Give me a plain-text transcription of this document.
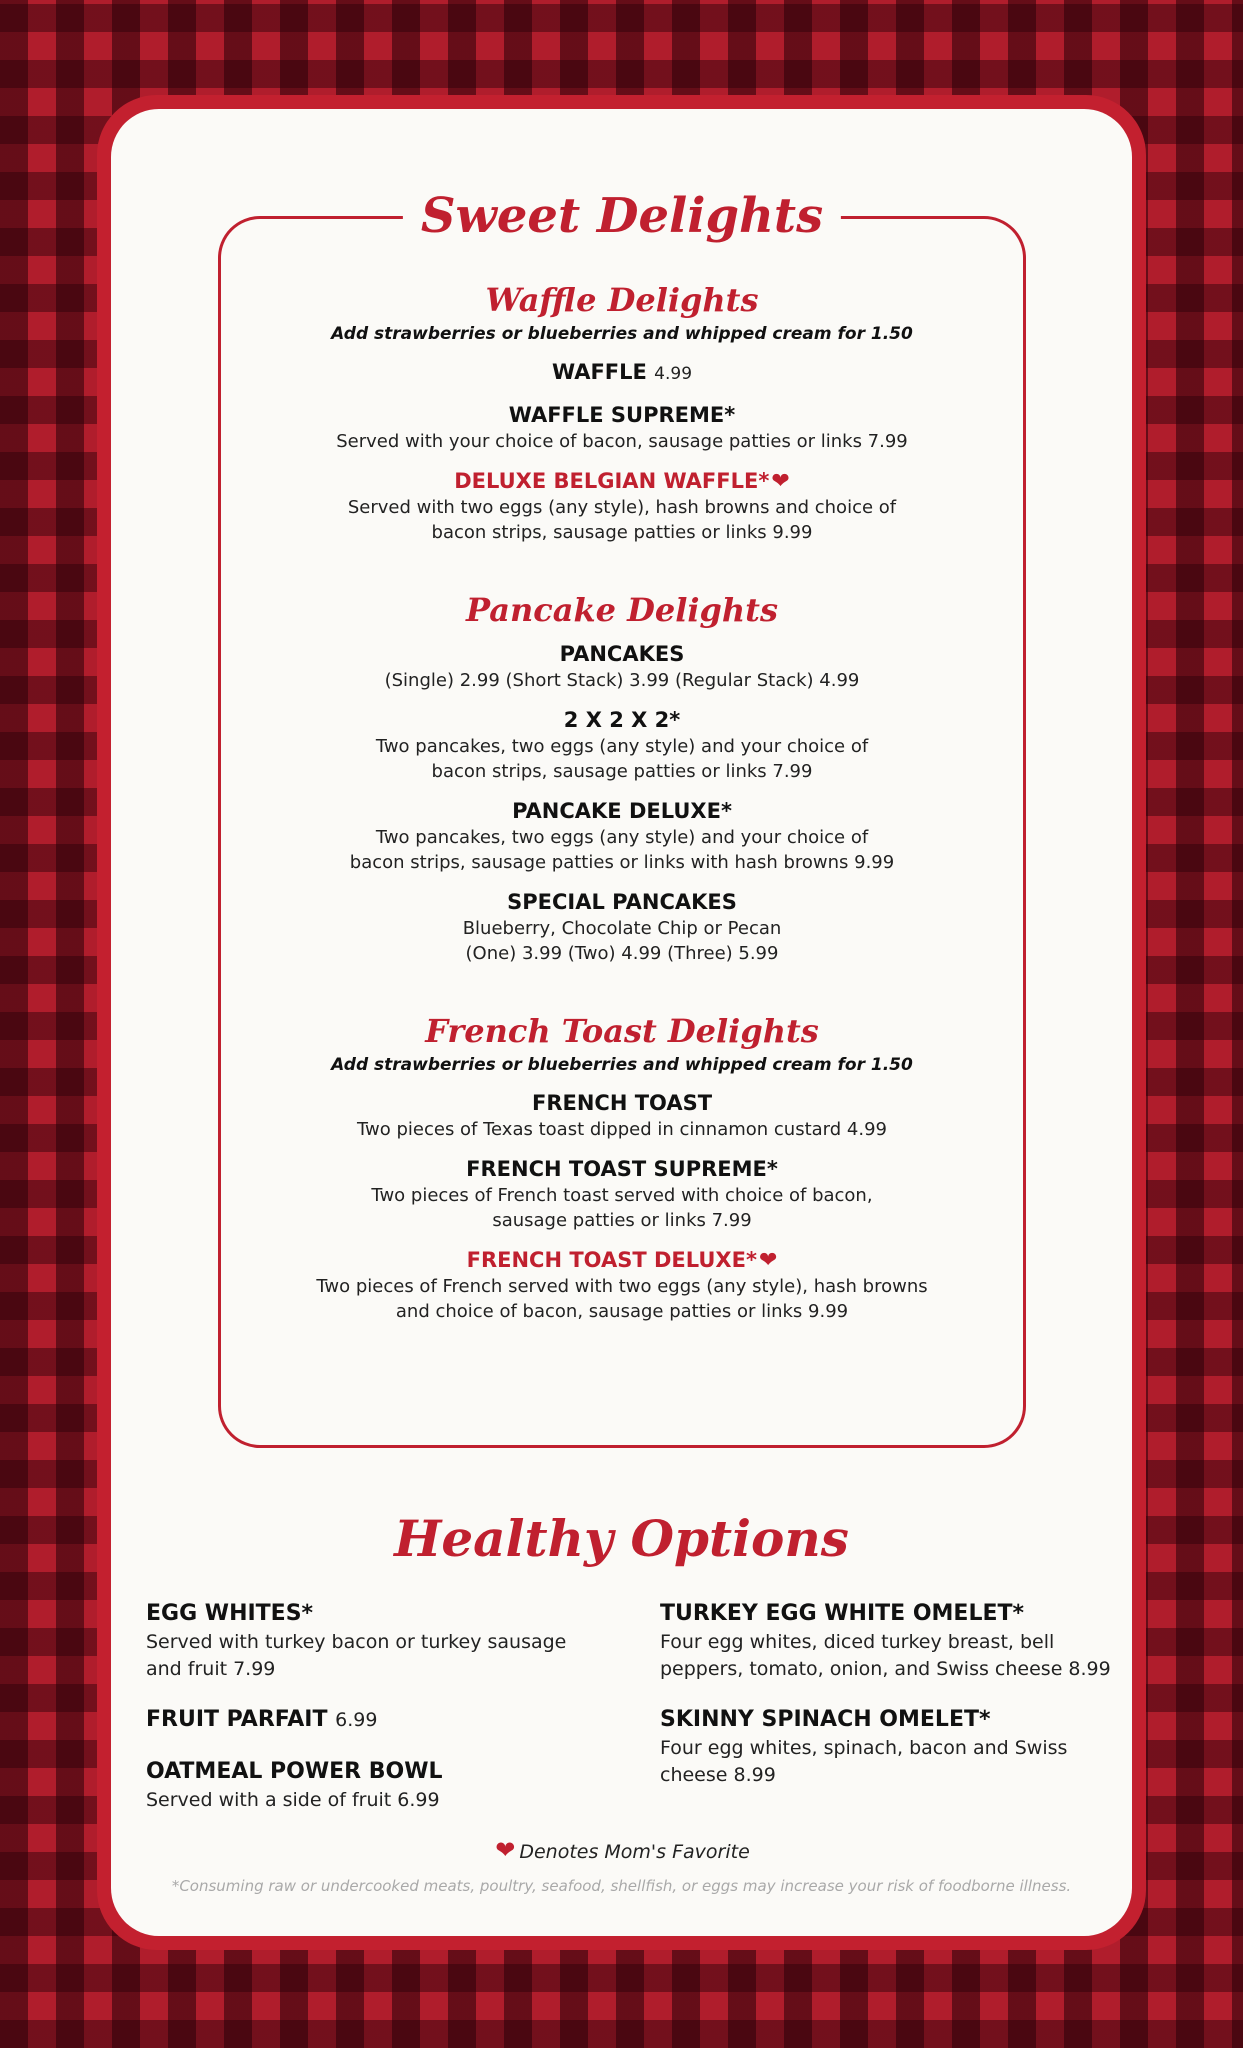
Sweet Delights
Waffle Delights
Add strawberries or blueberries and whipped cream for 1.50
WAFFLE 4.99
WAFFLE SUPREME*
Served with your choice of bacon, sausage patties or links 7.99
DELUXE BELGIAN WAFFLE*❤
Served with two eggs (any style), hash browns and choice of
bacon strips, sausage patties or links 9.99
Pancake Delights
PANCAKES
(Single) 2.99 (Short Stack) 3.99 (Regular Stack) 4.99
2 X 2 X 2*
Two pancakes, two eggs (any style) and your choice of
bacon strips, sausage patties or links 7.99
PANCAKE DELUXE*
Two pancakes, two eggs (any style) and your choice of
bacon strips, sausage patties or links with hash browns 9.99
SPECIAL PANCAKES
Blueberry, Chocolate Chip or Pecan
(One) 3.99 (Two) 4.99 (Three) 5.99
French Toast Delights
Add strawberries or blueberries and whipped cream for 1.50
FRENCH TOAST
Two pieces of Texas toast dipped in cinnamon custard 4.99
FRENCH TOAST SUPREME*
Two pieces of French toast served with choice of bacon,
sausage patties or links 7.99
FRENCH TOAST DELUXE*❤
Two pieces of French served with two eggs (any style), hash browns
and choice of bacon, sausage patties or links 9.99
Healthy Options
EGG WHITES*
Served with turkey bacon or turkey sausage
and fruit 7.99
FRUIT PARFAIT 6.99
OATMEAL POWER BOWL
Served with a side of fruit 6.99
TURKEY EGG WHITE OMELET*
Four egg whites, diced turkey breast, bell
peppers, tomato, onion, and Swiss cheese 8.99
SKINNY SPINACH OMELET*
Four egg whites, spinach, bacon and Swiss
cheese 8.99
❤ Denotes Mom's Favorite
*Consuming raw or undercooked meats, poultry, seafood, shellfish, or eggs may increase your risk of foodborne illness.
